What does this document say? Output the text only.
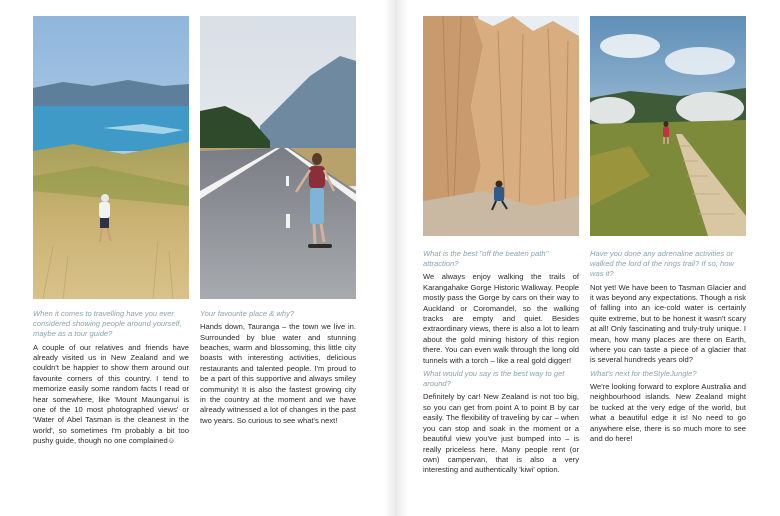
When it comes to travelling have you ever considered showing people around yourself, maybe as a tour guide?

A couple of our relatives and friends have already visited us in New Zealand and we couldn't be happier to show them around our favourite corners of this country. I tend to memorize easily some random facts I read or hear somewhere, like 'Mount Maunganui is one of the 10 most photographed views' or 'Water of Abel Tasman is the cleanest in the world', so sometimes I'm probably a bit too pushy guide, though no one complained☺

Your favourite place & why?

Hands down, Tauranga – the town we live in. Surrounded by blue water and stunning beaches, warm and blossoming, this little city boasts with interesting activities, delicious restaurants and talented people. I'm proud to be a part of this supportive and always smiley community! It is also the fastest growing city in the country at the moment and we have already witnessed a lot of changes in the past two years. So curious to see what's next!

What is the best "off the beaten path" attraction?

We always enjoy walking the trails of Karangahake Gorge Historic Walkway. People mostly pass the Gorge by cars on their way to Auckland or Coromandel, so the walking tracks are empty and quiet. Besides extraordinary views, there is also a lot to learn about the gold mining history of this region there. You can even walk through the long old tunnels with a torch – like a real gold digger!

What would you say is the best way to get around?

Definitely by car! New Zealand is not too big, so you can get from point A to point B by car easily. The flexibility of traveling by car – when you can stop and soak in the moment or a beautiful view you've just bumped into – is really priceless here. Many people rent (or own) campervan, that is also a very interesting and authentically 'kiwi' option.

Have you done any adrenaline activities or walked the lord of the rings trail? If so, how was it?

Not yet! We have been to Tasman Glacier and it was beyond any expectations. Though a risk of falling into an ice-cold water is certainly quite extreme, but to be honest it wasn't scary at all! Only fascinating and truly-truly unique. I mean, how many places are there on Earth, where you can taste a piece of a glacier that is several hundreds years old?

What's next for theStyleJungle?

We're looking forward to explore Australia and neighbourhood islands. New Zealand might be tucked at the very edge of the world, but what a beautiful edge it is! No need to go anywhere else, there is so much more to see and do here!
